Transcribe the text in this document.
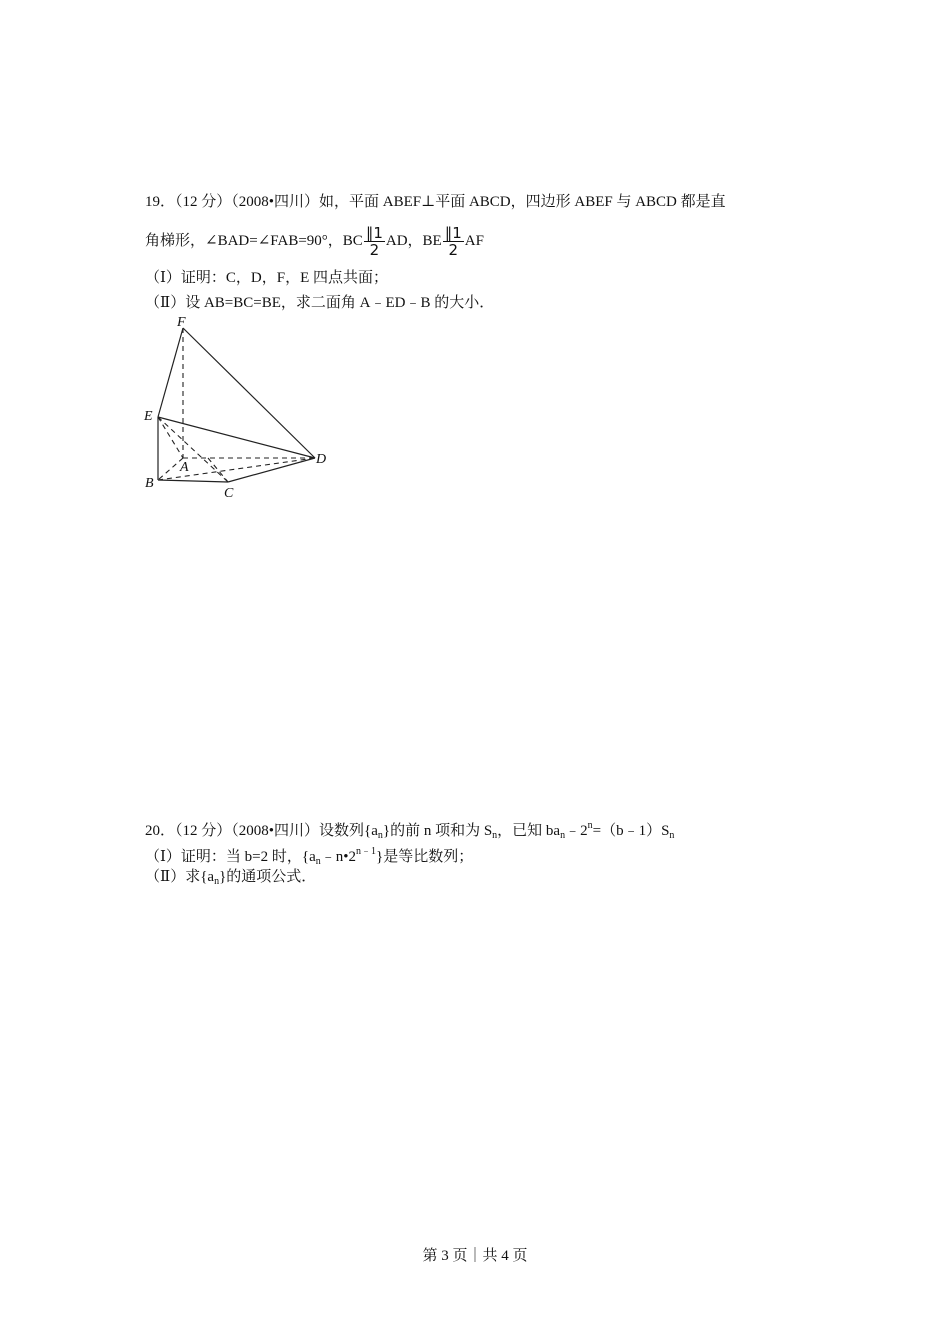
19．（12 分）（2008•四川）如，平面 ABEF⊥平面 ABCD，四边形 ABEF 与 ABCD 都是直
角梯形，∠BAD=∠FAB=90°，BC $\frac{\parallel 1}{2}$ AD，BE $\frac{\parallel 1}{2}$ AF
（Ⅰ）证明：C，D，F，E 四点共面；
（Ⅱ）设 AB=BC=BE，求二面角 A﹣ED﹣B 的大小．
F
E
A
B
C
D
20．（12 分）（2008•四川）设数列$\{a_n\}$的前 n 项和为 $S_n$，已知 $ba_n﹣2^n=(b﹣1)S_n$
（Ⅰ）证明：当 b=2 时，$\{a_n﹣n•2^{n﹣1}\}$是等比数列；
（Ⅱ）求$\{a_n\}$的通项公式．
第 3 页｜共 4 页
